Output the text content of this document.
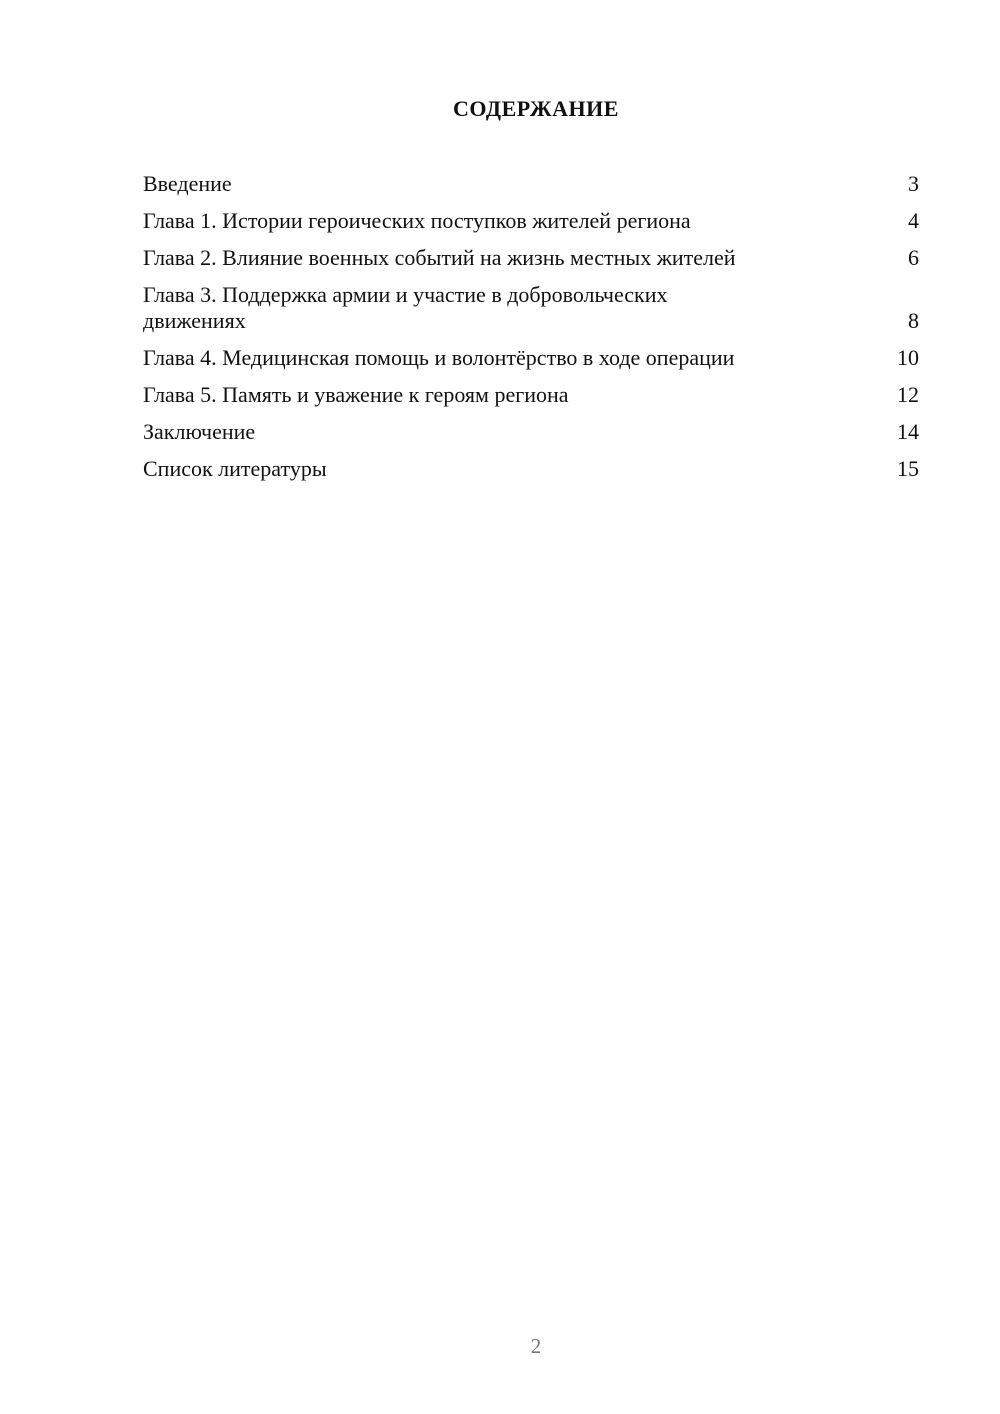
СОДЕРЖАНИЕ
Введение	3
Глава 1. Истории героических поступков жителей региона	4
Глава 2. Влияние военных событий на жизнь местных жителей	6
Глава 3. Поддержка армии и участие в добровольческих движениях	8
Глава 4. Медицинская помощь и волонтёрство в ходе операции	10
Глава 5. Память и уважение к героям региона	12
Заключение	14
Список литературы	15
2
